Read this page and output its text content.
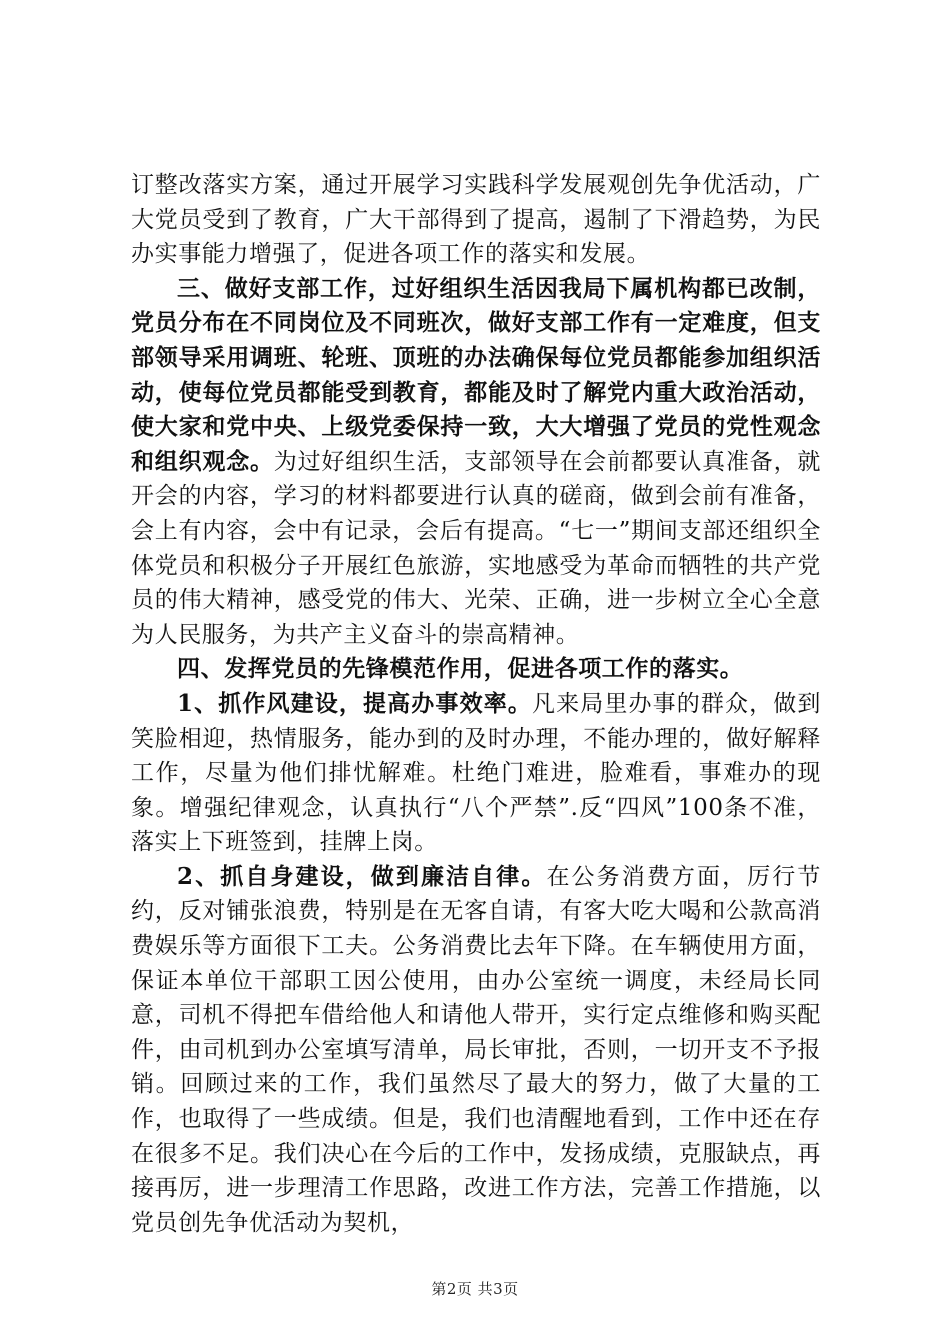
订整改落实方案，通过开展学习实践科学发展观创先争优活动，广大党员受到了教育，广大干部得到了提高，遏制了下滑趋势，为民办实事能力增强了，促进各项工作的落实和发展。

三、做好支部工作，过好组织生活因我局下属机构都已改制，党员分布在不同岗位及不同班次，做好支部工作有一定难度，但支部领导采用调班、轮班、顶班的办法确保每位党员都能参加组织活动，使每位党员都能受到教育，都能及时了解党内重大政治活动，使大家和党中央、上级党委保持一致，大大增强了党员的党性观念和组织观念。为过好组织生活，支部领导在会前都要认真准备，就开会的内容，学习的材料都要进行认真的磋商，做到会前有准备，会上有内容，会中有记录，会后有提高。“七一”期间支部还组织全体党员和积极分子开展红色旅游，实地感受为革命而牺牲的共产党员的伟大精神，感受党的伟大、光荣、正确，进一步树立全心全意为人民服务，为共产主义奋斗的崇高精神。

四、发挥党员的先锋模范作用，促进各项工作的落实。

1、抓作风建设，提高办事效率。凡来局里办事的群众，做到笑脸相迎，热情服务，能办到的及时办理，不能办理的，做好解释工作，尽量为他们排忧解难。杜绝门难进，脸难看，事难办的现象。增强纪律观念，认真执行“八个严禁”.反“四风”100条不准，落实上下班签到，挂牌上岗。

2、抓自身建设，做到廉洁自律。在公务消费方面，厉行节约，反对铺张浪费，特别是在无客自请，有客大吃大喝和公款高消费娱乐等方面很下工夫。公务消费比去年下降。在车辆使用方面，保证本单位干部职工因公使用，由办公室统一调度，未经局长同意，司机不得把车借给他人和请他人带开，实行定点维修和购买配件，由司机到办公室填写清单，局长审批，否则，一切开支不予报销。回顾过来的工作，我们虽然尽了最大的努力，做了大量的工作，也取得了一些成绩。但是，我们也清醒地看到，工作中还在存在很多不足。我们决心在今后的工作中，发扬成绩，克服缺点，再接再厉，进一步理清工作思路，改进工作方法，完善工作措施，以党员创先争优活动为契机，

第2页 共3页
